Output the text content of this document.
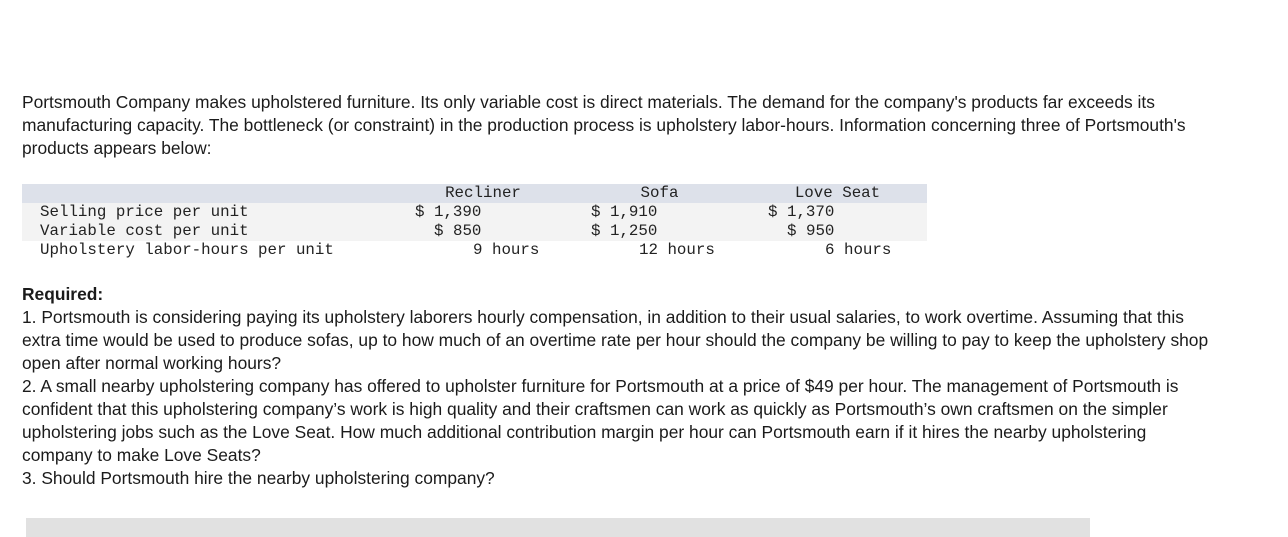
Portsmouth Company makes upholstered furniture. Its only variable cost is direct materials. The demand for the company's products far exceeds its manufacturing capacity. The bottleneck (or constraint) in the production process is upholstery labor-hours. Information concerning three of Portsmouth's products appears below:

	Recliner	Sofa	Love Seat
Selling price per unit	$ 1,390	$ 1,910	$ 1,370
Variable cost per unit	$ 850	$ 1,250	$ 950
Upholstery labor-hours per unit	9 hours	12 hours	6 hours

Required:

1. Portsmouth is considering paying its upholstery laborers hourly compensation, in addition to their usual salaries, to work overtime. Assuming that this extra time would be used to produce sofas, up to how much of an overtime rate per hour should the company be willing to pay to keep the upholstery shop open after normal working hours?

2. A small nearby upholstering company has offered to upholster furniture for Portsmouth at a price of $49 per hour. The management of Portsmouth is confident that this upholstering company’s work is high quality and their craftsmen can work as quickly as Portsmouth’s own craftsmen on the simpler upholstering jobs such as the Love Seat. How much additional contribution margin per hour can Portsmouth earn if it hires the nearby upholstering company to make Love Seats?

3. Should Portsmouth hire the nearby upholstering company?
